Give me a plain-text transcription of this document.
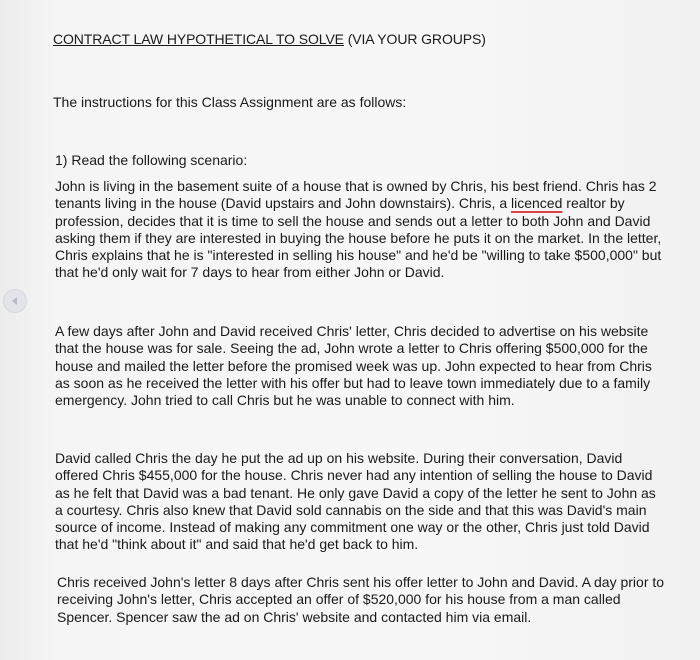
CONTRACT LAW HYPOTHETICAL TO SOLVE (VIA YOUR GROUPS)
The instructions for this Class Assignment are as follows:
1) Read the following scenario:

John is living in the basement suite of a house that is owned by Chris, his best friend. Chris has 2 tenants living in the house (David upstairs and John downstairs). Chris, a licenced realtor by profession, decides that it is time to sell the house and sends out a letter to both John and David asking them if they are interested in buying the house before he puts it on the market. In the letter, Chris explains that he is "interested in selling his house" and he'd be "willing to take $500,000" but that he'd only wait for 7 days to hear from either John or David.

A few days after John and David received Chris' letter, Chris decided to advertise on his website that the house was for sale. Seeing the ad, John wrote a letter to Chris offering $500,000 for the house and mailed the letter before the promised week was up. John expected to hear from Chris as soon as he received the letter with his offer but had to leave town immediately due to a family emergency. John tried to call Chris but he was unable to connect with him.

David called Chris the day he put the ad up on his website. During their conversation, David offered Chris $455,000 for the house. Chris never had any intention of selling the house to David as he felt that David was a bad tenant. He only gave David a copy of the letter he sent to John as a courtesy. Chris also knew that David sold cannabis on the side and that this was David's main source of income. Instead of making any commitment one way or the other, Chris just told David that he'd "think about it" and said that he'd get back to him.

Chris received John's letter 8 days after Chris sent his offer letter to John and David. A day prior to receiving John's letter, Chris accepted an offer of $520,000 for his house from a man called Spencer. Spencer saw the ad on Chris' website and contacted him via email.
